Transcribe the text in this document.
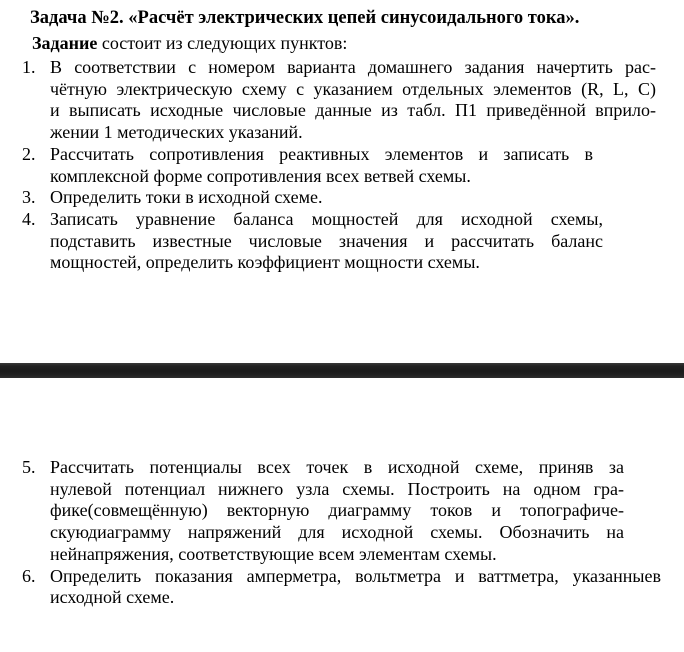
Задача №2. «Расчёт электрических цепей синусоидального тока».
Задание состоит из следующих пунктов:
1. В соответствии с номером варианта домашнего задания начертить рас-
чётную электрическую схему с указанием отдельных элементов (R, L, C)
и выписать исходные числовые данные из табл. П1 приведённой вприло-
жении 1 методических указаний.
2. Рассчитать сопротивления реактивных элементов и записать в
комплексной форме сопротивления всех ветвей схемы.
3. Определить токи в исходной схеме.
4. Записать уравнение баланса мощностей для исходной схемы,
подставить известные числовые значения и рассчитать баланс
мощностей, определить коэффициент мощности схемы.
5. Рассчитать потенциалы всех точек в исходной схеме, приняв за
нулевой потенциал нижнего узла схемы. Построить на одном гра-
фике(совмещённую) векторную диаграмму токов и топографиче-
скуюдиаграмму напряжений для исходной схемы. Обозначить на
нейнапряжения, соответствующие всем элементам схемы.
6. Определить показания амперметра, вольтметра и ваттметра, указанныев
исходной схеме.
